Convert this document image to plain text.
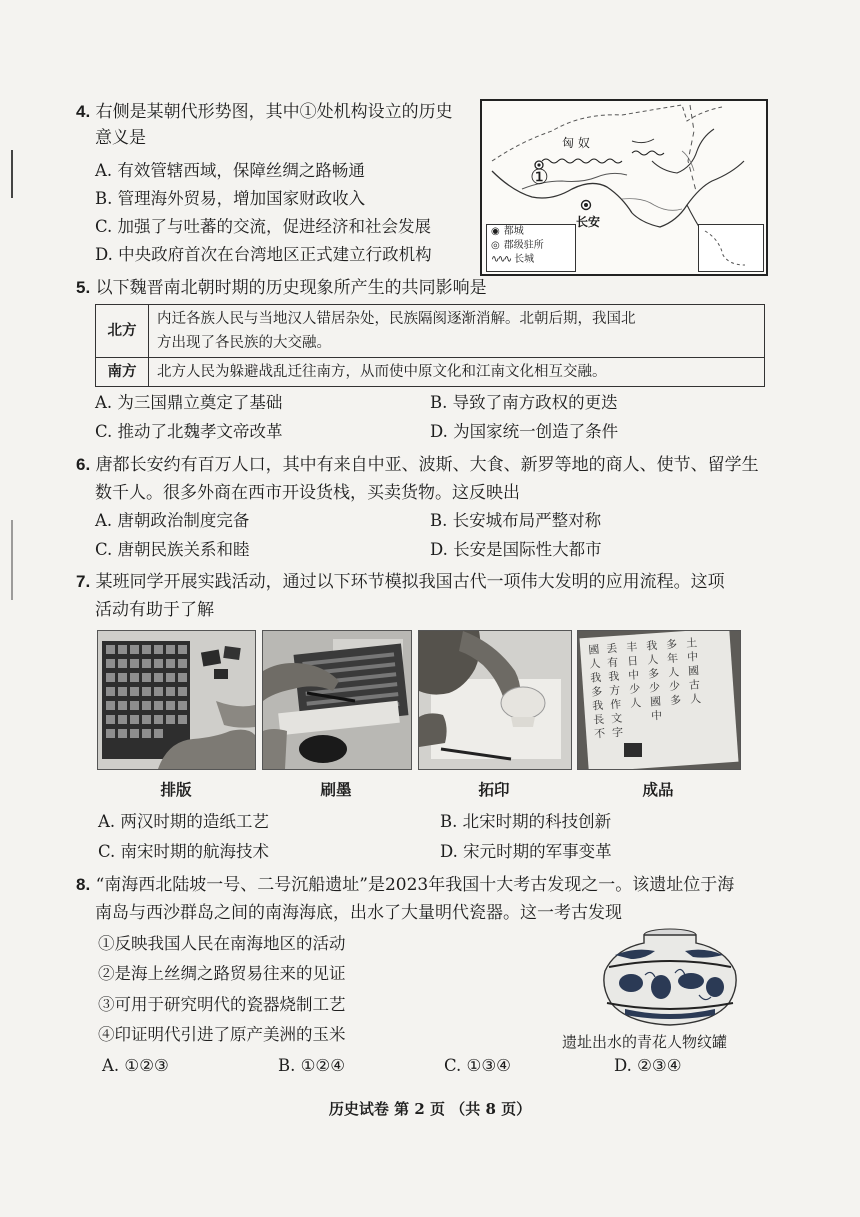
4. 右侧是某朝代形势图，其中①处机构设立的历史
意义是
A. 有效管辖西域，保障丝绸之路畅通
B. 管理海外贸易，增加国家财政收入
C. 加强了与吐蕃的交流，促进经济和社会发展
D. 中央政府首次在台湾地区正式建立行政机构
匈 奴
①
长安
◉ 都城
◎ 郡级驻所
∿∿∿ 长城
5. 以下魏晋南北朝时期的历史现象所产生的共同影响是
北方	内迁各族人民与当地汉人错居杂处，民族隔阂逐渐消解。北朝后期，我国北
方出现了各民族的大交融。

南方	北方人民为躲避战乱迁往南方，从而使中原文化和江南文化相互交融。
A. 为三国鼎立奠定了基础	B. 导致了南方政权的更迭
C. 推动了北魏孝文帝改革	D. 为国家统一创造了条件
6. 唐都长安约有百万人口，其中有来自中亚、波斯、大食、新罗等地的商人、使节、留学生
数千人。很多外商在西市开设货栈，买卖货物。这反映出
A. 唐朝政治制度完备	B. 长安城布局严整对称
C. 唐朝民族关系和睦	D. 长安是国际性大都市
7. 某班同学开展实践活动，通过以下环节模拟我国古代一项伟大发明的应用流程。这项
活动有助于了解
國
人
我
多
我
長
不
丢
有
我
方
作
文
字
丰
日
中
少
人
我
人
多
少
國
中
多
年
人
少
多
土
中
國
古
人
排版	刷墨	拓印	成品
A. 两汉时期的造纸工艺	B. 北宋时期的科技创新
C. 南宋时期的航海技术	D. 宋元时期的军事变革
8. “南海西北陆坡一号、二号沉船遗址”是2023年我国十大考古发现之一。该遗址位于海
南岛与西沙群岛之间的南海海底，出水了大量明代瓷器。这一考古发现
①反映我国人民在南海地区的活动
②是海上丝绸之路贸易往来的见证
③可用于研究明代的瓷器烧制工艺
④印证明代引进了原产美洲的玉米	遗址出水的青花人物纹罐
A. ①②③	B. ①②④	C. ①③④	D. ②③④
历史试卷 第 2 页 （共 8 页）
